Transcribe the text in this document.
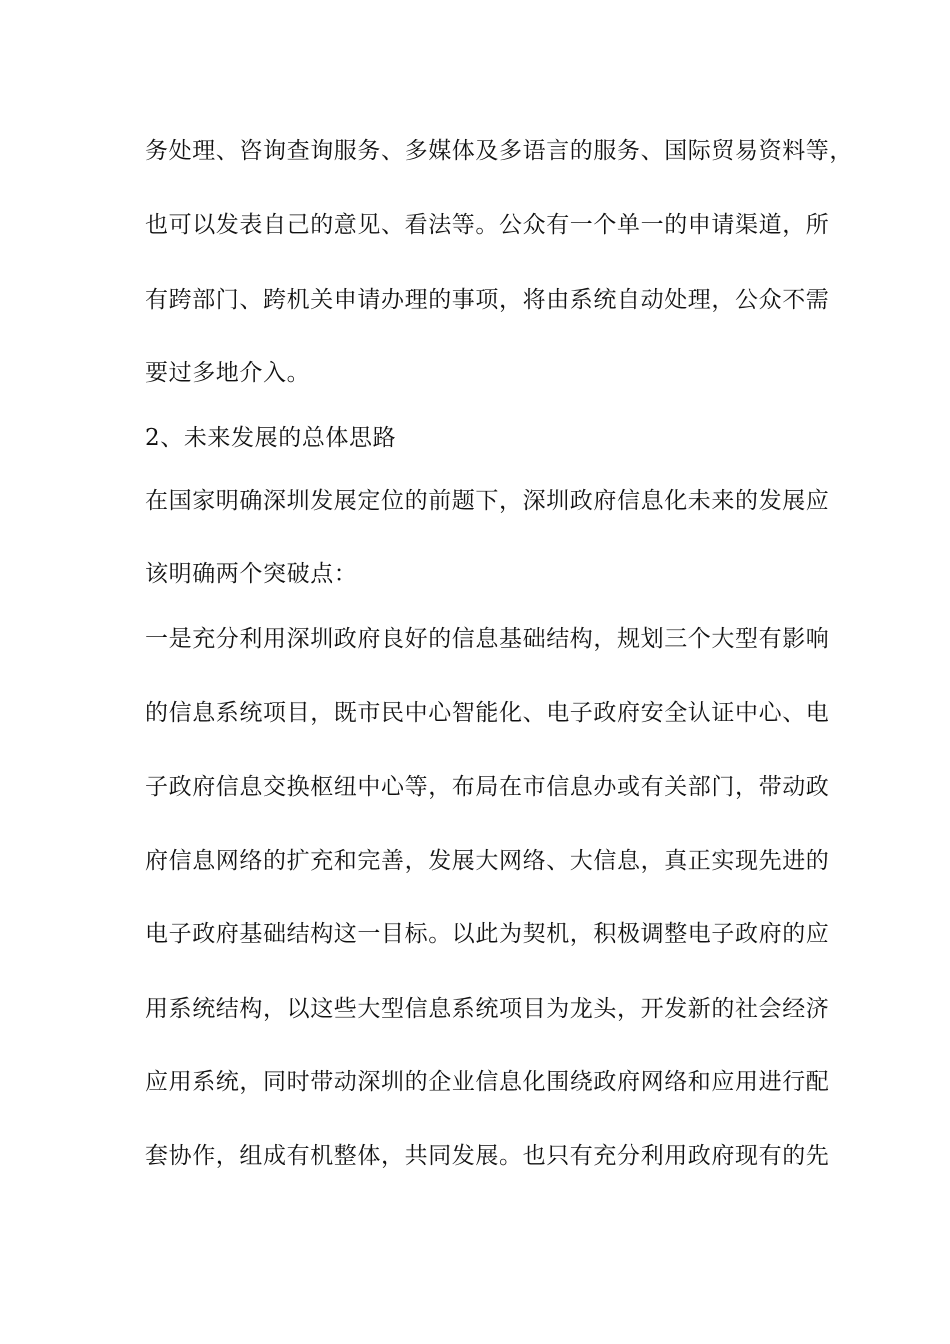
务处理、咨询查询服务、多媒体及多语言的服务、国际贸易资料等，
也可以发表自己的意见、看法等。公众有一个单一的申请渠道，所
有跨部门、跨机关申请办理的事项，将由系统自动处理，公众不需
要过多地介入。
2、未来发展的总体思路
在国家明确深圳发展定位的前题下，深圳政府信息化未来的发展应
该明确两个突破点：
一是充分利用深圳政府良好的信息基础结构，规划三个大型有影响
的信息系统项目，既市民中心智能化、电子政府安全认证中心、电
子政府信息交换枢纽中心等，布局在市信息办或有关部门，带动政
府信息网络的扩充和完善，发展大网络、大信息，真正实现先进的
电子政府基础结构这一目标。以此为契机，积极调整电子政府的应
用系统结构，以这些大型信息系统项目为龙头，开发新的社会经济
应用系统，同时带动深圳的企业信息化围绕政府网络和应用进行配
套协作，组成有机整体，共同发展。也只有充分利用政府现有的先
